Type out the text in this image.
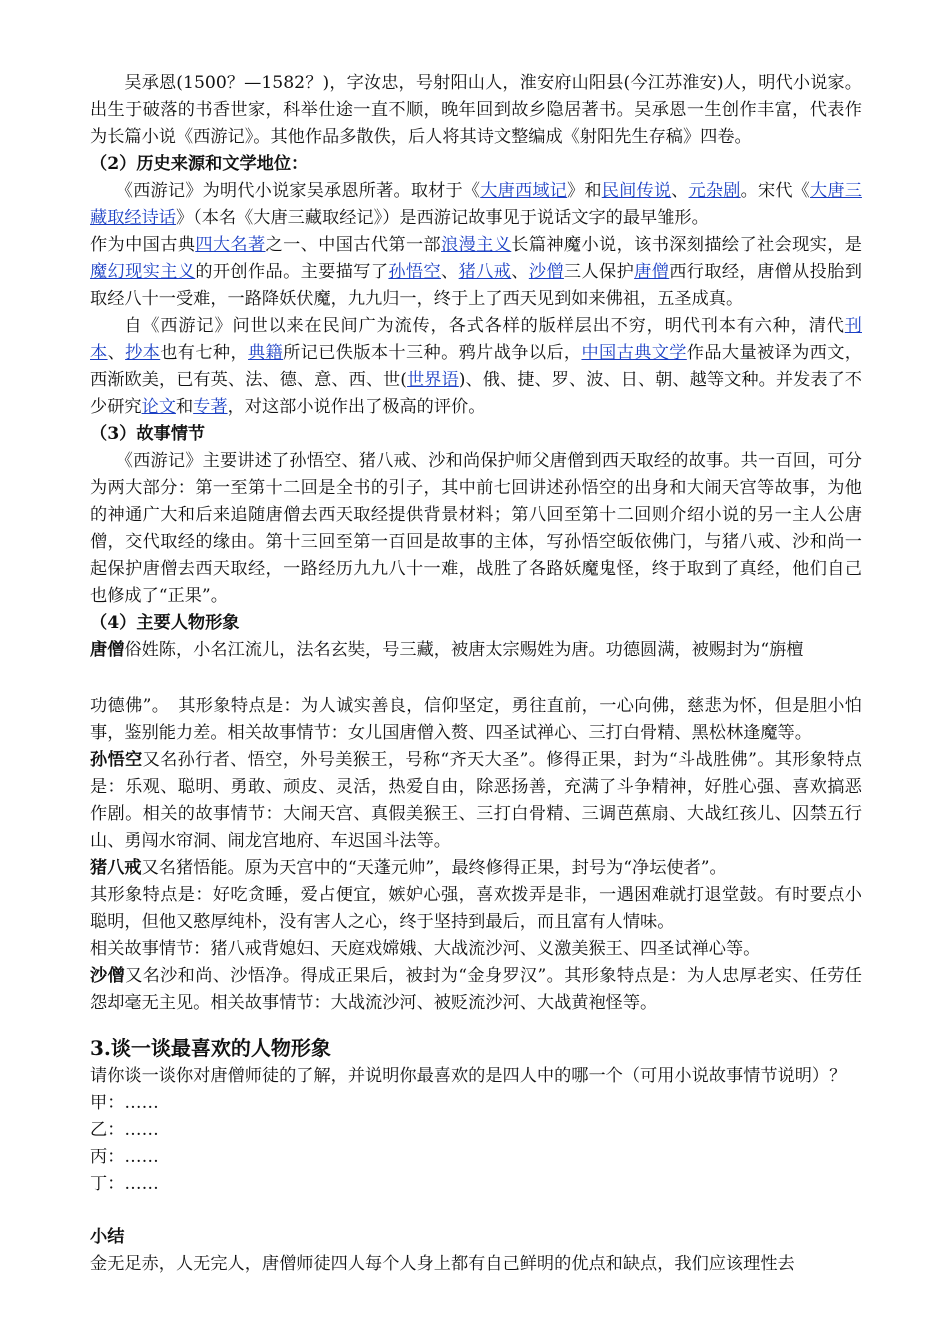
吴承恩(1500？—1582？)，字汝忠，号射阳山人，淮安府山阳县(今江苏淮安)人，明代小说家。出生于破落的书香世家，科举仕途一直不顺，晚年回到故乡隐居著书。吴承恩一生创作丰富，代表作为长篇小说《西游记》。其他作品多散佚，后人将其诗文整编成《射阳先生存稿》四卷。

（2）历史来源和文学地位：

《西游记》为明代小说家吴承恩所著。取材于《大唐西域记》和民间传说、元杂剧。宋代《大唐三藏取经诗话》（本名《大唐三藏取经记》）是西游记故事见于说话文字的最早雏形。

作为中国古典四大名著之一、中国古代第一部浪漫主义长篇神魔小说，该书深刻描绘了社会现实，是魔幻现实主义的开创作品。主要描写了孙悟空、猪八戒、沙僧三人保护唐僧西行取经，唐僧从投胎到取经八十一受难，一路降妖伏魔，九九归一，终于上了西天见到如来佛祖，五圣成真。

自《西游记》问世以来在民间广为流传，各式各样的版样层出不穷，明代刊本有六种，清代刊本、抄本也有七种，典籍所记已佚版本十三种。鸦片战争以后，中国古典文学作品大量被译为西文，西渐欧美，已有英、法、德、意、西、世(世界语)、俄、捷、罗、波、日、朝、越等文种。并发表了不少研究论文和专著，对这部小说作出了极高的评价。

（3）故事情节

《西游记》主要讲述了孙悟空、猪八戒、沙和尚保护师父唐僧到西天取经的故事。共一百回，可分为两大部分：第一至第十二回是全书的引子，其中前七回讲述孙悟空的出身和大闹天宫等故事，为他的神通广大和后来追随唐僧去西天取经提供背景材料；第八回至第十二回则介绍小说的另一主人公唐僧，交代取经的缘由。第十三回至第一百回是故事的主体，写孙悟空皈依佛门，与猪八戒、沙和尚一起保护唐僧去西天取经，一路经历九九八十一难，战胜了各路妖魔鬼怪，终于取到了真经，他们自己也修成了“正果”。

（4）主要人物形象

唐僧俗姓陈，小名江流儿，法名玄奘，号三藏，被唐太宗赐姓为唐。功德圆满，被赐封为“旃檀

功德佛”。　其形象特点是：为人诚实善良，信仰坚定，勇往直前，一心向佛，慈悲为怀，但是胆小怕事，鉴别能力差。相关故事情节：女儿国唐僧入赘、四圣试禅心、三打白骨精、黑松林逢魔等。

孙悟空又名孙行者、悟空，外号美猴王，号称“齐天大圣”。修得正果，封为“斗战胜佛”。其形象特点是：乐观、聪明、勇敢、顽皮、灵活，热爱自由，除恶扬善，充满了斗争精神，好胜心强、喜欢搞恶作剧。相关的故事情节：大闹天宫、真假美猴王、三打白骨精、三调芭蕉扇、大战红孩儿、囚禁五行山、勇闯水帘洞、闹龙宫地府、车迟国斗法等。

猪八戒又名猪悟能。原为天宫中的“天蓬元帅”，最终修得正果，封号为“净坛使者”。

其形象特点是：好吃贪睡，爱占便宜，嫉妒心强，喜欢拨弄是非，一遇困难就打退堂鼓。有时要点小聪明，但他又憨厚纯朴，没有害人之心，终于坚持到最后，而且富有人情味。

相关故事情节：猪八戒背媳妇、天庭戏嫦娥、大战流沙河、义激美猴王、四圣试禅心等。

沙僧又名沙和尚、沙悟净。得成正果后，被封为“金身罗汉”。其形象特点是：为人忠厚老实、任劳任怨却毫无主见。相关故事情节：大战流沙河、被贬流沙河、大战黄袍怪等。

3.谈一谈最喜欢的人物形象

请你谈一谈你对唐僧师徒的了解，并说明你最喜欢的是四人中的哪一个（可用小说故事情节说明）？

甲：……

乙：……

丙：……

丁：……

小结

金无足赤，人无完人，唐僧师徒四人每个人身上都有自己鲜明的优点和缺点，我们应该理性去
